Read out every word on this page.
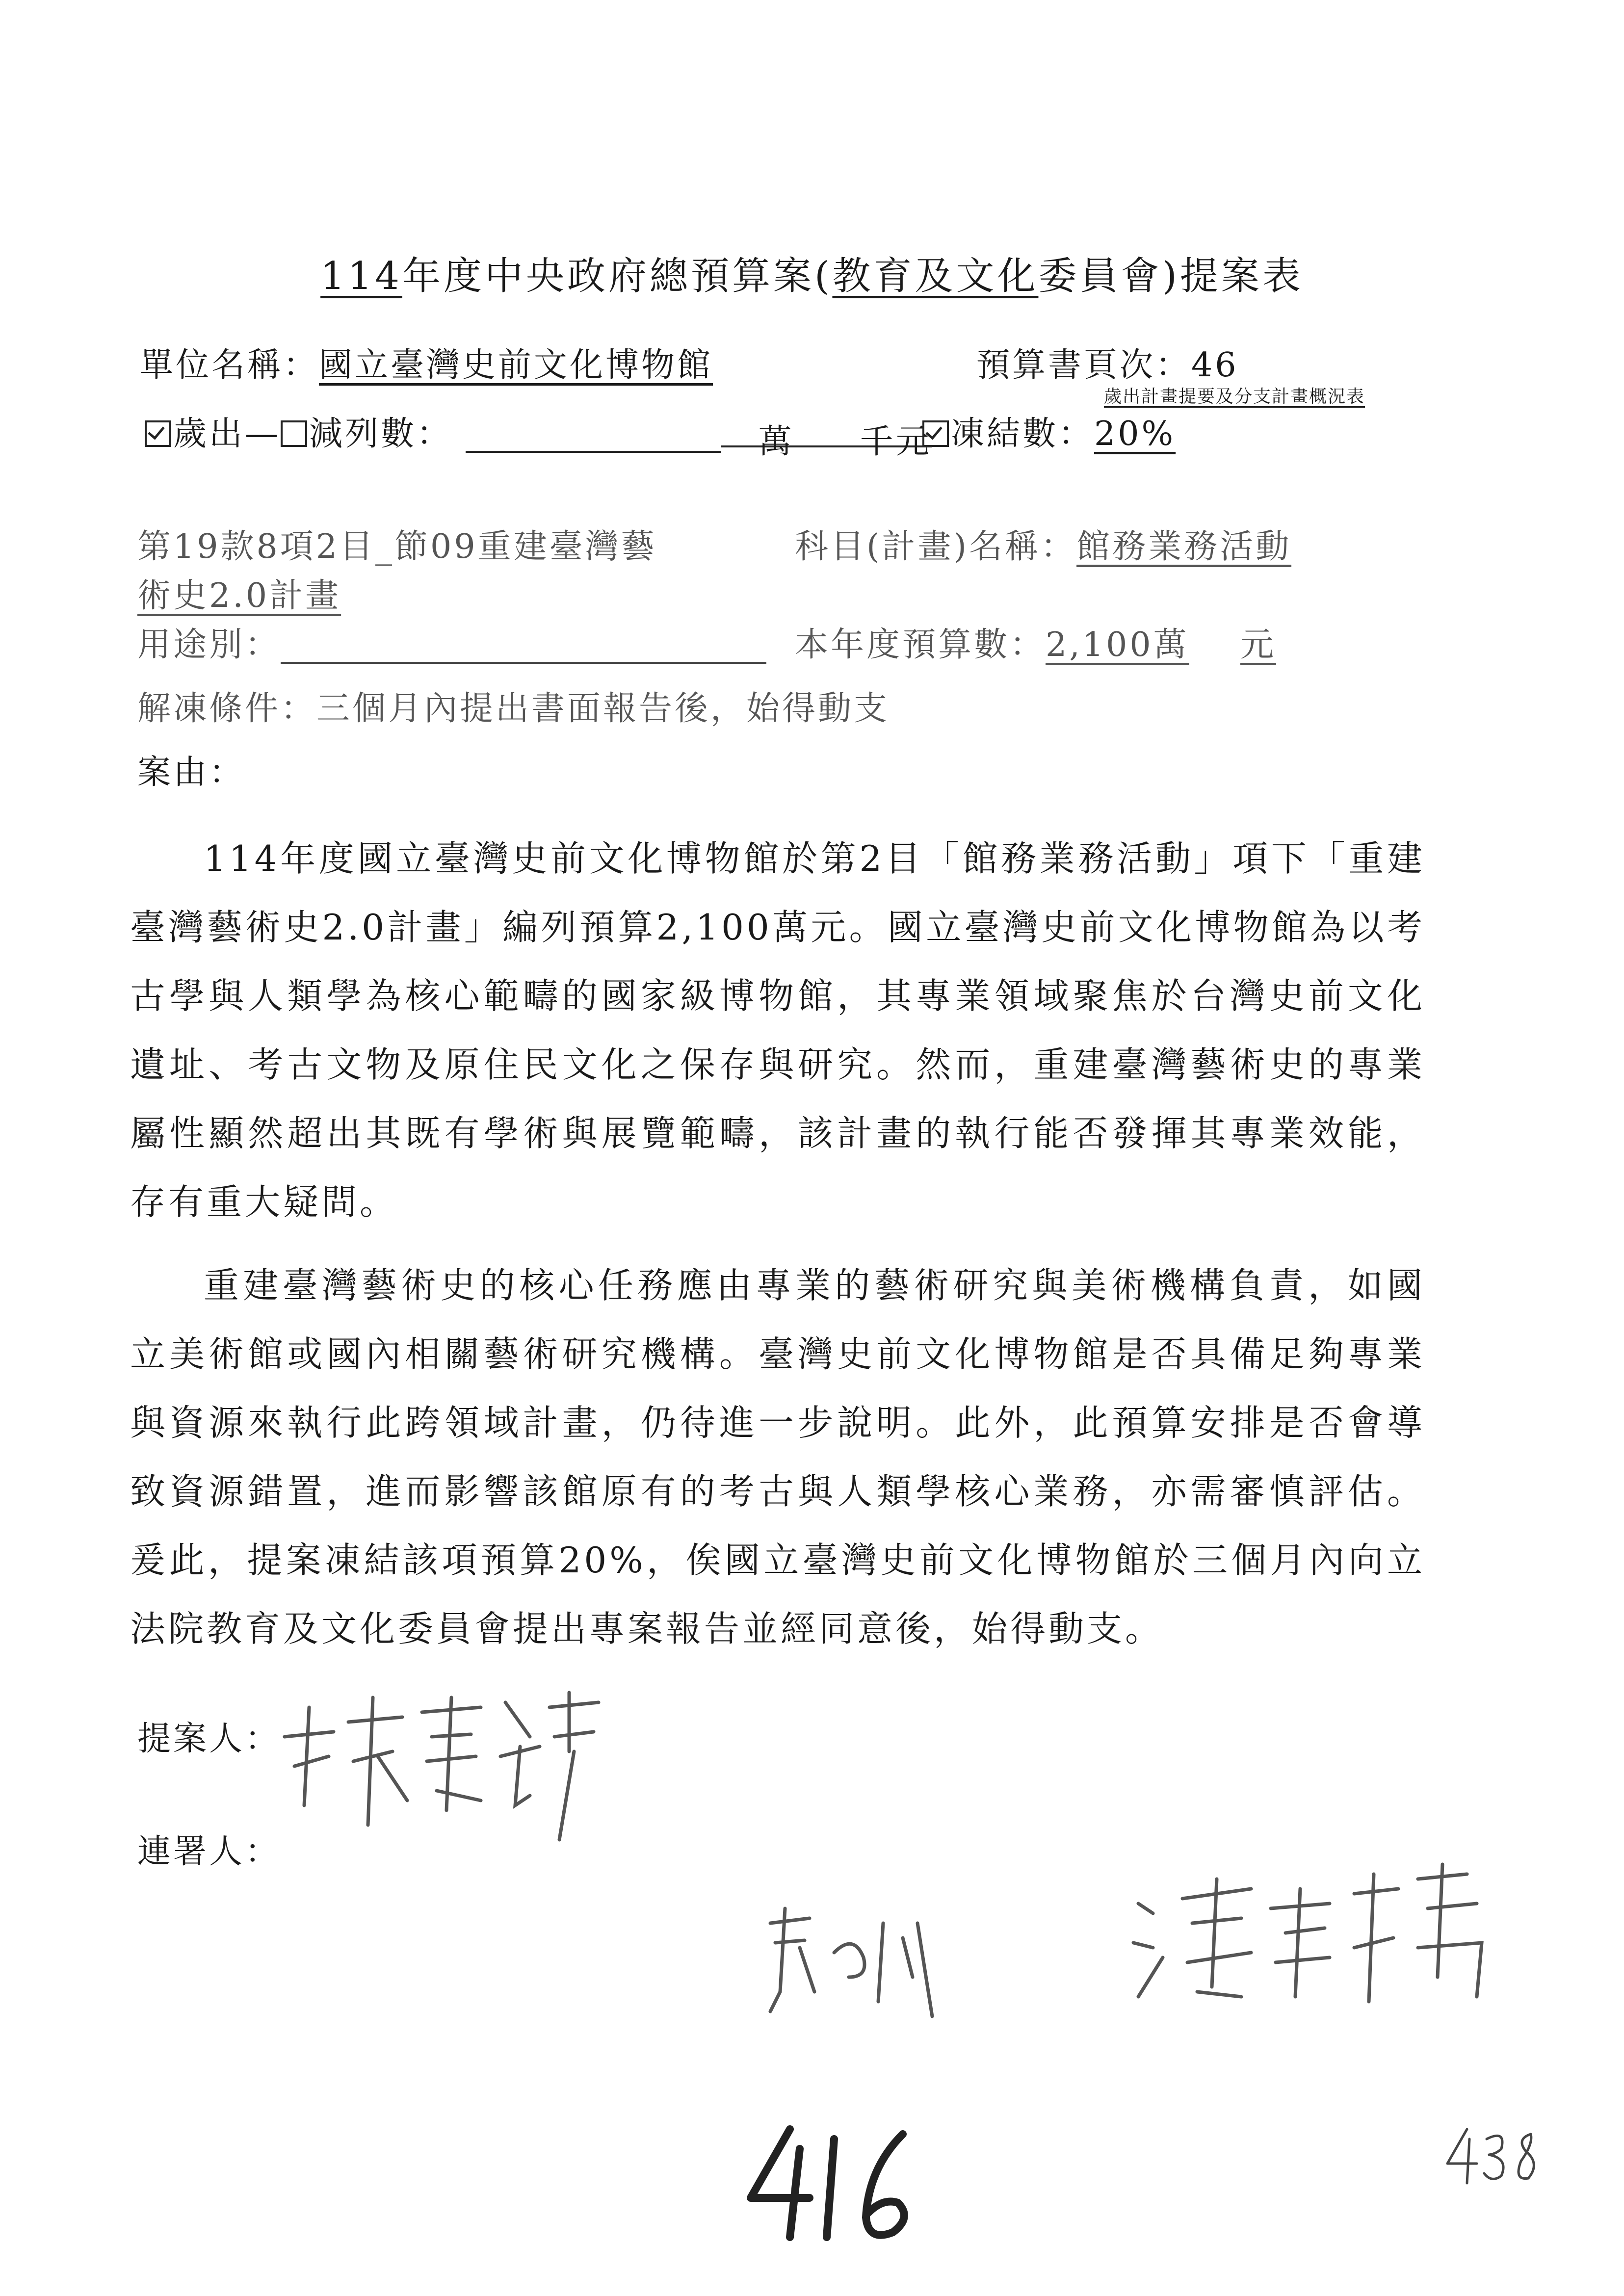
114年度中央政府總預算案(教育及文化委員會)提案表
單位名稱：國立臺灣史前文化博物館	預算書頁次：46
歲出計畫提要及分支計畫概況表
歲出— 減列數：	萬 千元 凍結數：20%
第19款8項2目_節09重建臺灣藝
術史2.0計畫
科目(計畫)名稱：館務業務活動
用途別：	本年度預算數：2,100萬 元
解凍條件：三個月內提出書面報告後，始得動支
案由：
114年度國立臺灣史前文化博物館於第2目「館務業務活動」項下「重建臺灣藝術史2.0計畫」編列預算2,100萬元。國立臺灣史前文化博物館為以考古學與人類學為核心範疇的國家級博物館，其專業領域聚焦於台灣史前文化遺址、考古文物及原住民文化之保存與研究。然而，重建臺灣藝術史的專業屬性顯然超出其既有學術與展覽範疇，該計畫的執行能否發揮其專業效能，存有重大疑問。
重建臺灣藝術史的核心任務應由專業的藝術研究與美術機構負責，如國立美術館或國內相關藝術研究機構。臺灣史前文化博物館是否具備足夠專業與資源來執行此跨領域計畫，仍待進一步說明。此外，此預算安排是否會導致資源錯置，進而影響該館原有的考古與人類學核心業務，亦需審慎評估。爰此，提案凍結該項預算20%，俟國立臺灣史前文化博物館於三個月內向立法院教育及文化委員會提出專案報告並經同意後，始得動支。
提案人：
連署人：
